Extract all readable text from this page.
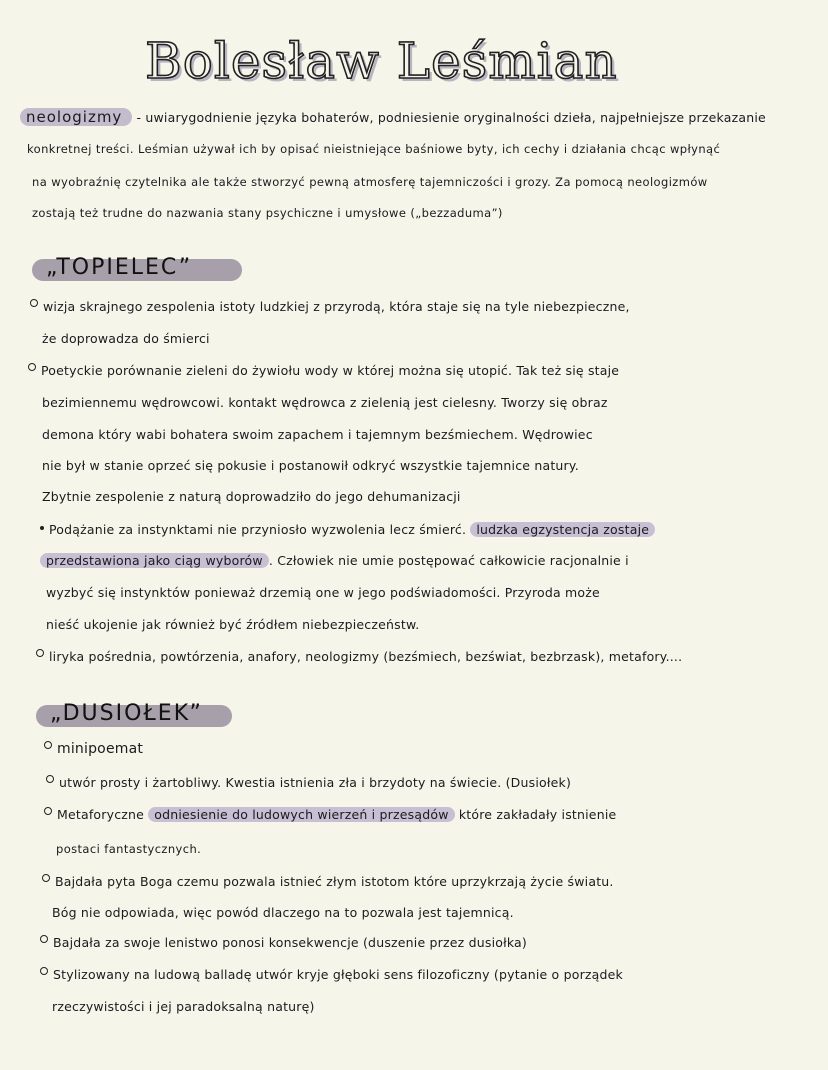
Bolesław Leśmian
neologizmy - uwiarygodnienie języka bohaterów, podniesienie oryginalności dzieła, najpełniejsze przekazanie
konkretnej treści. Leśmian używał ich by opisać nieistniejące baśniowe byty, ich cechy i działania chcąc wpłynąć
na wyobraźnię czytelnika ale także stworzyć pewną atmosferę tajemniczości i grozy. Za pomocą neologizmów
zostają też trudne do nazwania stany psychiczne i umysłowe („bezzaduma”)
„TOPIELEC”
wizja skrajnego zespolenia istoty ludzkiej z przyrodą, która staje się na tyle niebezpieczne,
że doprowadza do śmierci
Poetyckie porównanie zieleni do żywiołu wody w której można się utopić. Tak też się staje
bezimiennemu wędrowcowi. kontakt wędrowca z zielenią jest cielesny. Tworzy się obraz
demona który wabi bohatera swoim zapachem i tajemnym bezśmiechem. Wędrowiec
nie był w stanie oprzeć się pokusie i postanowił odkryć wszystkie tajemnice natury.
Zbytnie zespolenie z naturą doprowadziło do jego dehumanizacji
Podążanie za instynktami nie przyniosło wyzwolenia lecz śmierć. ludzka egzystencja zostaje
przedstawiona jako ciąg wyborów . Człowiek nie umie postępować całkowicie racjonalnie i
wyzbyć się instynktów ponieważ drzemią one w jego podświadomości. Przyroda może
nieść ukojenie jak również być źródłem niebezpieczeństw.
liryka pośrednia, powtórzenia, anafory, neologizmy (bezśmiech, bezświat, bezbrzask), metafory....
„DUSIOŁEK”
minipoemat
utwór prosty i żartobliwy. Kwestia istnienia zła i brzydoty na świecie. (Dusiołek)
Metaforyczne odniesienie do ludowych wierzeń i przesądów które zakładały istnienie
postaci fantastycznych.
Bajdała pyta Boga czemu pozwala istnieć złym istotom które uprzykrzają życie światu.
Bóg nie odpowiada, więc powód dlaczego na to pozwala jest tajemnicą.
Bajdała za swoje lenistwo ponosi konsekwencje (duszenie przez dusiołka)
Stylizowany na ludową balladę utwór kryje głęboki sens filozoficzny (pytanie o porządek
rzeczywistości i jej paradoksalną naturę)
